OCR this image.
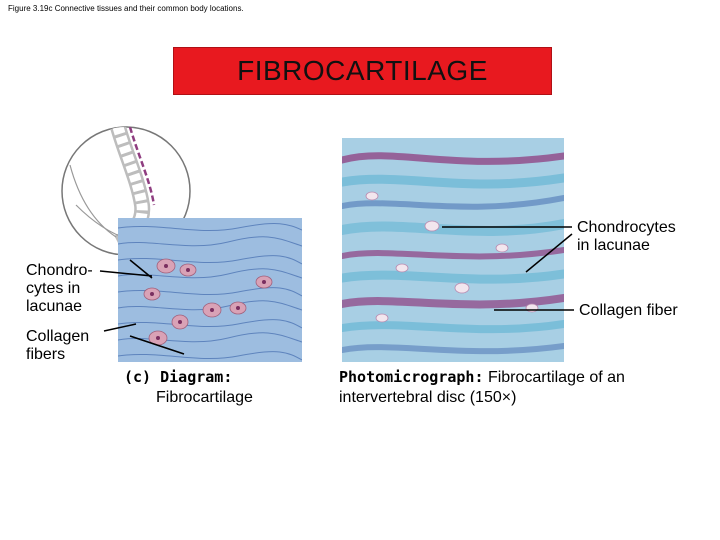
Figure 3.19c Connective tissues and their common body locations.
FIBROCARTILAGE
Chondro-
cytes in
lacunae
Collagen
fibers
Chondrocytes
in lacunae
Collagen fiber
(c) Diagram:
Fibrocartilage
Photomicrograph: Fibrocartilage of an
intervertebral disc (150×)
